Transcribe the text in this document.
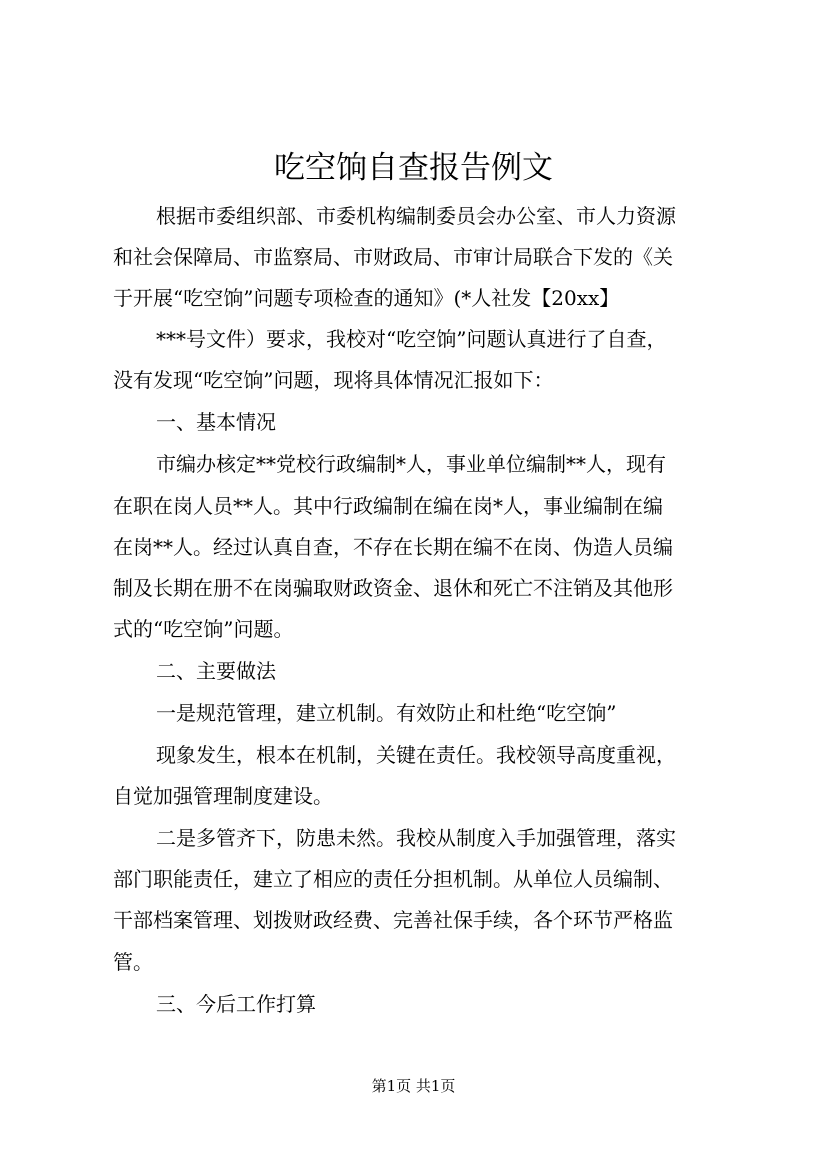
吃空饷自查报告例文
根据市委组织部、市委机构编制委员会办公室、市人力资源
和社会保障局、市监察局、市财政局、市审计局联合下发的《关
于开展“吃空饷”问题专项检查的通知》(*人社发【20xx】
***号文件）要求，我校对“吃空饷”问题认真进行了自查，
没有发现“吃空饷”问题，现将具体情况汇报如下：
一、基本情况
市编办核定**党校行政编制*人，事业单位编制**人，现有
在职在岗人员**人。其中行政编制在编在岗*人，事业编制在编
在岗**人。经过认真自查，不存在长期在编不在岗、伪造人员编
制及长期在册不在岗骗取财政资金、退休和死亡不注销及其他形
式的“吃空饷”问题。
二、主要做法
一是规范管理，建立机制。有效防止和杜绝“吃空饷”
现象发生，根本在机制，关键在责任。我校领导高度重视，
自觉加强管理制度建设。
二是多管齐下，防患未然。我校从制度入手加强管理，落实
部门职能责任，建立了相应的责任分担机制。从单位人员编制、
干部档案管理、划拨财政经费、完善社保手续，各个环节严格监
管。
三、今后工作打算
第1页 共1页
